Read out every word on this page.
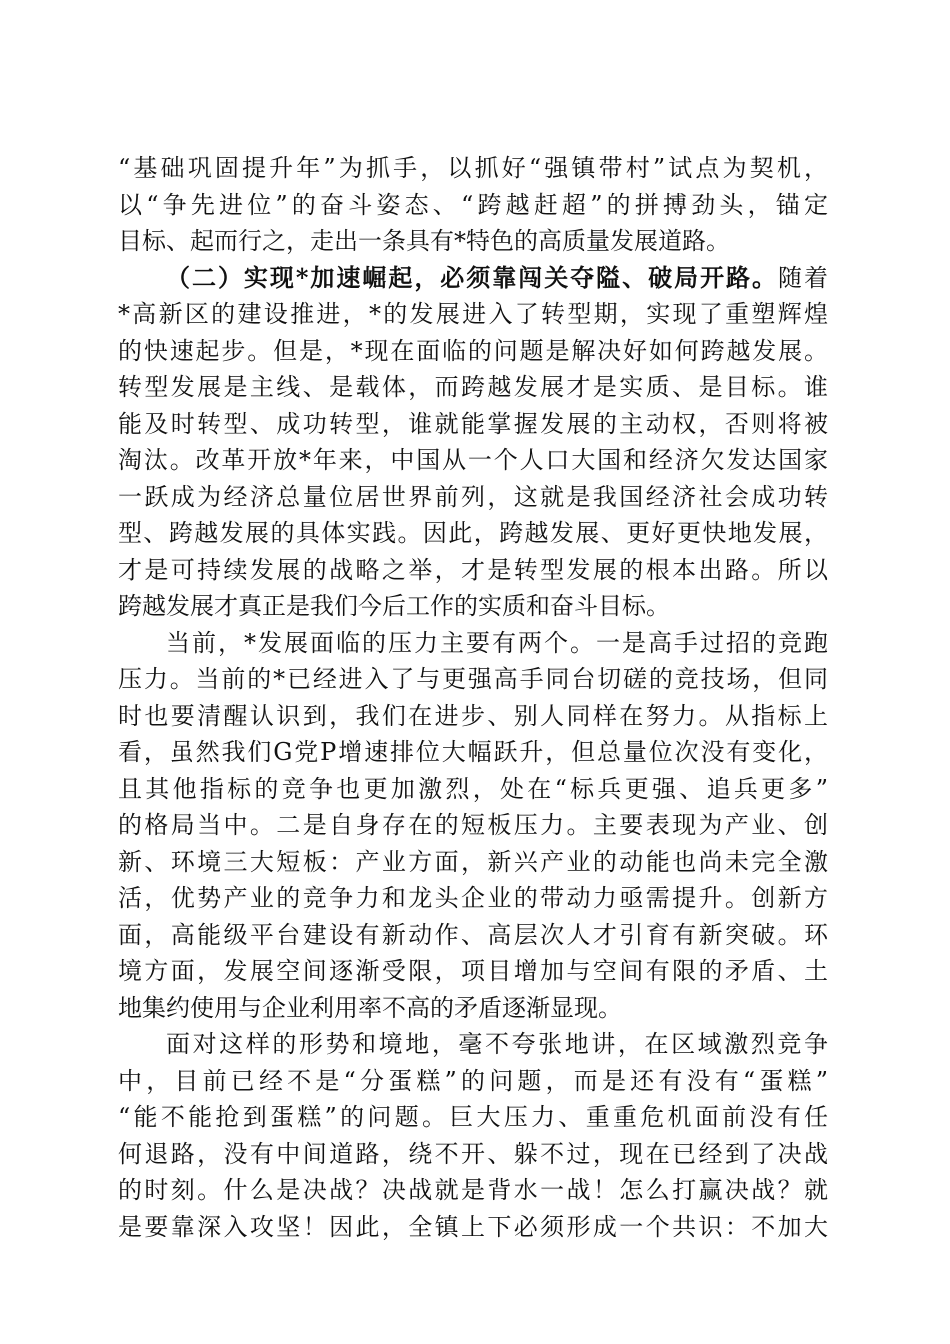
“基础巩固提升年”为抓手，以抓好“强镇带村”试点为契机，
以“争先进位”的奋斗姿态、“跨越赶超”的拼搏劲头，锚定
目标、起而行之，走出一条具有*特色的高质量发展道路。
（二）实现*加速崛起，必须靠闯关夺隘、破局开路。随着
*高新区的建设推进，*的发展进入了转型期，实现了重塑辉煌
的快速起步。但是，*现在面临的问题是解决好如何跨越发展。
转型发展是主线、是载体，而跨越发展才是实质、是目标。谁
能及时转型、成功转型，谁就能掌握发展的主动权，否则将被
淘汰。改革开放*年来，中国从一个人口大国和经济欠发达国家
一跃成为经济总量位居世界前列，这就是我国经济社会成功转
型、跨越发展的具体实践。因此，跨越发展、更好更快地发展，
才是可持续发展的战略之举，才是转型发展的根本出路。所以
跨越发展才真正是我们今后工作的实质和奋斗目标。
当前，*发展面临的压力主要有两个。一是高手过招的竞跑
压力。当前的*已经进入了与更强高手同台切磋的竞技场，但同
时也要清醒认识到，我们在进步、别人同样在努力。从指标上
看，虽然我们G党P增速排位大幅跃升，但总量位次没有变化，
且其他指标的竞争也更加激烈，处在“标兵更强、追兵更多”
的格局当中。二是自身存在的短板压力。主要表现为产业、创
新、环境三大短板：产业方面，新兴产业的动能也尚未完全激
活，优势产业的竞争力和龙头企业的带动力亟需提升。创新方
面，高能级平台建设有新动作、高层次人才引育有新突破。环
境方面，发展空间逐渐受限，项目增加与空间有限的矛盾、土
地集约使用与企业利用率不高的矛盾逐渐显现。
面对这样的形势和境地，毫不夸张地讲，在区域激烈竞争
中，目前已经不是“分蛋糕”的问题，而是还有没有“蛋糕”
“能不能抢到蛋糕”的问题。巨大压力、重重危机面前没有任
何退路，没有中间道路，绕不开、躲不过，现在已经到了决战
的时刻。什么是决战？决战就是背水一战！怎么打赢决战？就
是要靠深入攻坚！因此，全镇上下必须形成一个共识：不加大
